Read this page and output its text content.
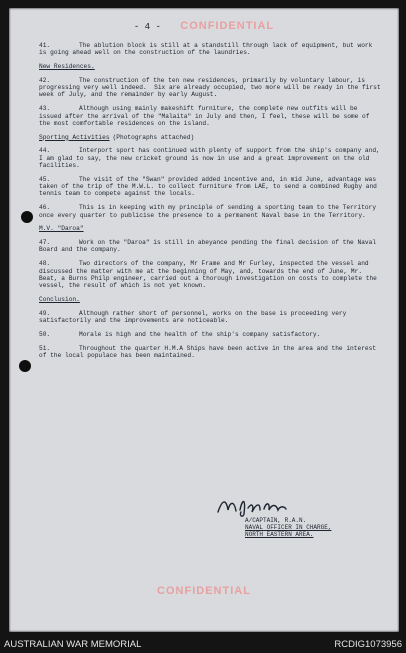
- 4 - CONFIDENTIAL
41.	The ablution block is still at a standstill through lack of equipment, but work is going ahead well on the construction of the laundries.
New Residences.
42.	The construction of the ten new residences, primarily by voluntary labour, is progressing very well indeed.  Six are already occupied, two more will be ready in the first week of July, and the remainder by early August.
43.	Although using mainly makeshift furniture, the complete new outfits will be issued after the arrival of the "Malaita" in July and then, I feel, these will be some of the most comfortable residences on the island.
Sporting Activities (Photographs attached)
44.	Interport sport has continued with plenty of support from the ship's company and, I am glad to say, the new cricket ground is now in use and a great improvement on the old facilities.
45.	The visit of the "Swan" provided added incentive and, in mid June, advantage was taken of the trip of the M.W.L. to collect furniture from LAE, to send a combined Rugby and tennis team to compete against the locals.
46.	This is in keeping with my principle of sending a sporting team to the Territory once every quarter to publicise the presence to a permanent Naval base in the Territory.
M.V. "Daroa"
47.	Work on the "Daroa" is still in abeyance pending the final decision of the Naval Board and the company.
48.	Two directors of the company, Mr Frame and Mr Furley, inspected the vessel and discussed the matter with me at the beginning of May, and, towards the end of June, Mr. Beat, a Burns Philp engineer, carried out a thorough investigation on costs to complete the vessel, the result of which is not yet known.
Conclusion.
49.	Although rather short of personnel, works on the base is proceeding very satisfactorily and the improvements are noticeable.
50.	Morale is high and the health of the ship's company satisfactory.
51.	Throughout the quarter H.M.A Ships have been active in the area and the interest of the local populace has been maintained.
A/CAPTAIN, R.A.N.
NAVAL OFFICER IN CHARGE,
NORTH EASTERN AREA.
CONFIDENTIAL
AUSTRALIAN WAR MEMORIAL	RCDIG1073956
